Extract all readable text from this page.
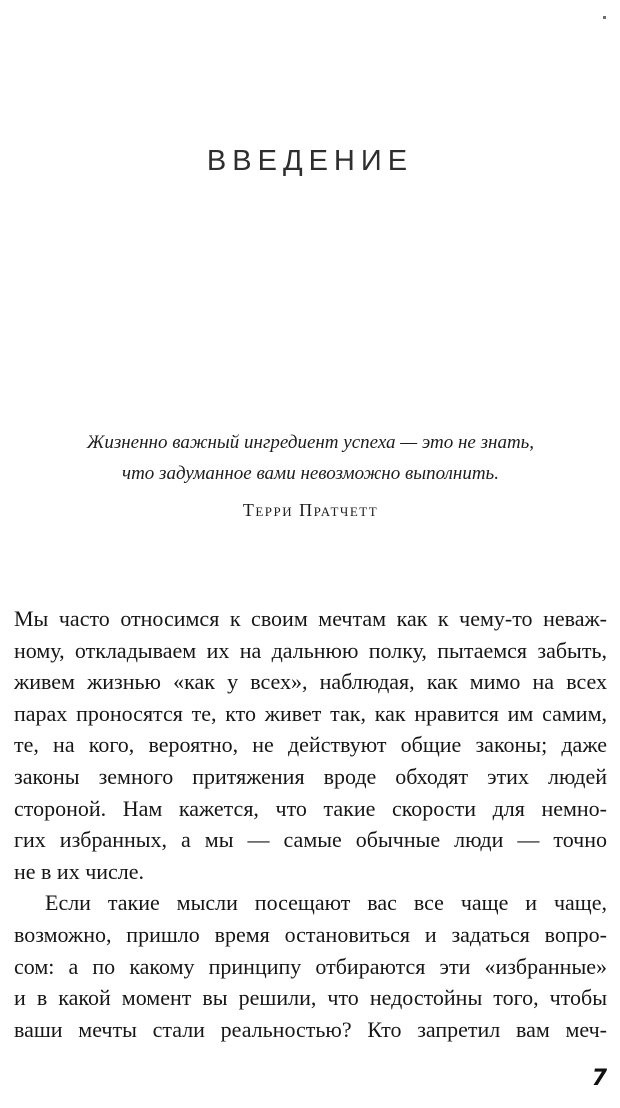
ВВЕДЕНИЕ
Жизненно важный ингредиент успеха — это не знать,
что задуманное вами невозможно выполнить.
Терри Пратчетт
Мы часто относимся к своим мечтам как к чему-то неваж-
ному, откладываем их на дальнюю полку, пытаемся забыть,
живем жизнью «как у всех», наблюдая, как мимо на всех
парах проносятся те, кто живет так, как нравится им самим,
те, на кого, вероятно, не действуют общие законы; даже
законы земного притяжения вроде обходят этих людей
стороной. Нам кажется, что такие скорости для немно-
гих избранных, а мы — самые обычные люди — точно
не в их числе.
Если такие мысли посещают вас все чаще и чаще,
возможно, пришло время остановиться и задаться вопро-
сом: а по какому принципу отбираются эти «избранные»
и в какой момент вы решили, что недостойны того, чтобы
ваши мечты стали реальностью? Кто запретил вам меч-
7
